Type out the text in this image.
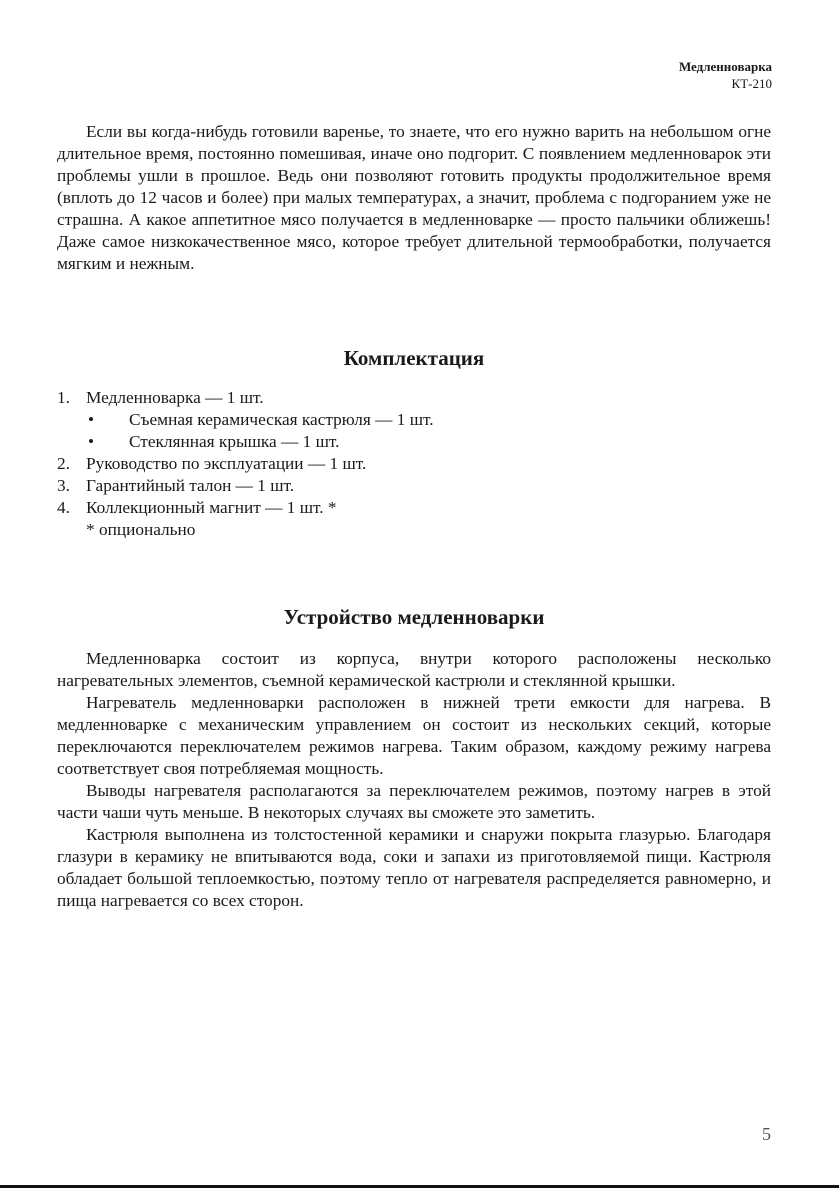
Медленноварка
КТ-210

Если вы когда-нибудь готовили варенье, то знаете, что его нужно варить на небольшом огне длительное время, постоянно помешивая, иначе оно подгорит. С появлением медленноварок эти проблемы ушли в прошлое. Ведь они позволяют готовить продукты продолжительное время (вплоть до 12 часов и более) при малых температурах, а значит, проблема с подгоранием уже не страшна. А какое аппетитное мясо получается в медленноварке — просто пальчики оближешь! Даже самое низкокачественное мясо, которое требует длительной термообработки, получается мягким и нежным.

Комплектация
1. Медленноварка — 1 шт.
• Съемная керамическая кастрюля — 1 шт.
• Стеклянная крышка — 1 шт.
2. Руководство по эксплуатации — 1 шт.
3. Гарантийный талон — 1 шт.
4. Коллекционный магнит — 1 шт. *
* опционально
Устройство медленноварки

Медленноварка состоит из корпуса, внутри которого расположены несколько нагревательных элементов, съемной керамической кастрюли и стеклянной крышки.

Нагреватель медленноварки расположен в нижней трети емкости для нагрева. В медленноварке с механическим управлением он состоит из нескольких секций, которые переключаются переключателем режимов нагрева. Таким образом, каждому режиму нагрева соответствует своя потребляемая мощность.

Выводы нагревателя располагаются за переключателем режимов, поэтому нагрев в этой части чаши чуть меньше. В некоторых случаях вы сможете это заметить.

Кастрюля выполнена из толстостенной керамики и снаружи покрыта глазурью. Благодаря глазури в керамику не впитываются вода, соки и запахи из приготовляемой пищи. Кастрюля обладает большой теплоемкостью, поэтому тепло от нагревателя распределяется равномерно, и пища нагревается со всех сторон.

5
